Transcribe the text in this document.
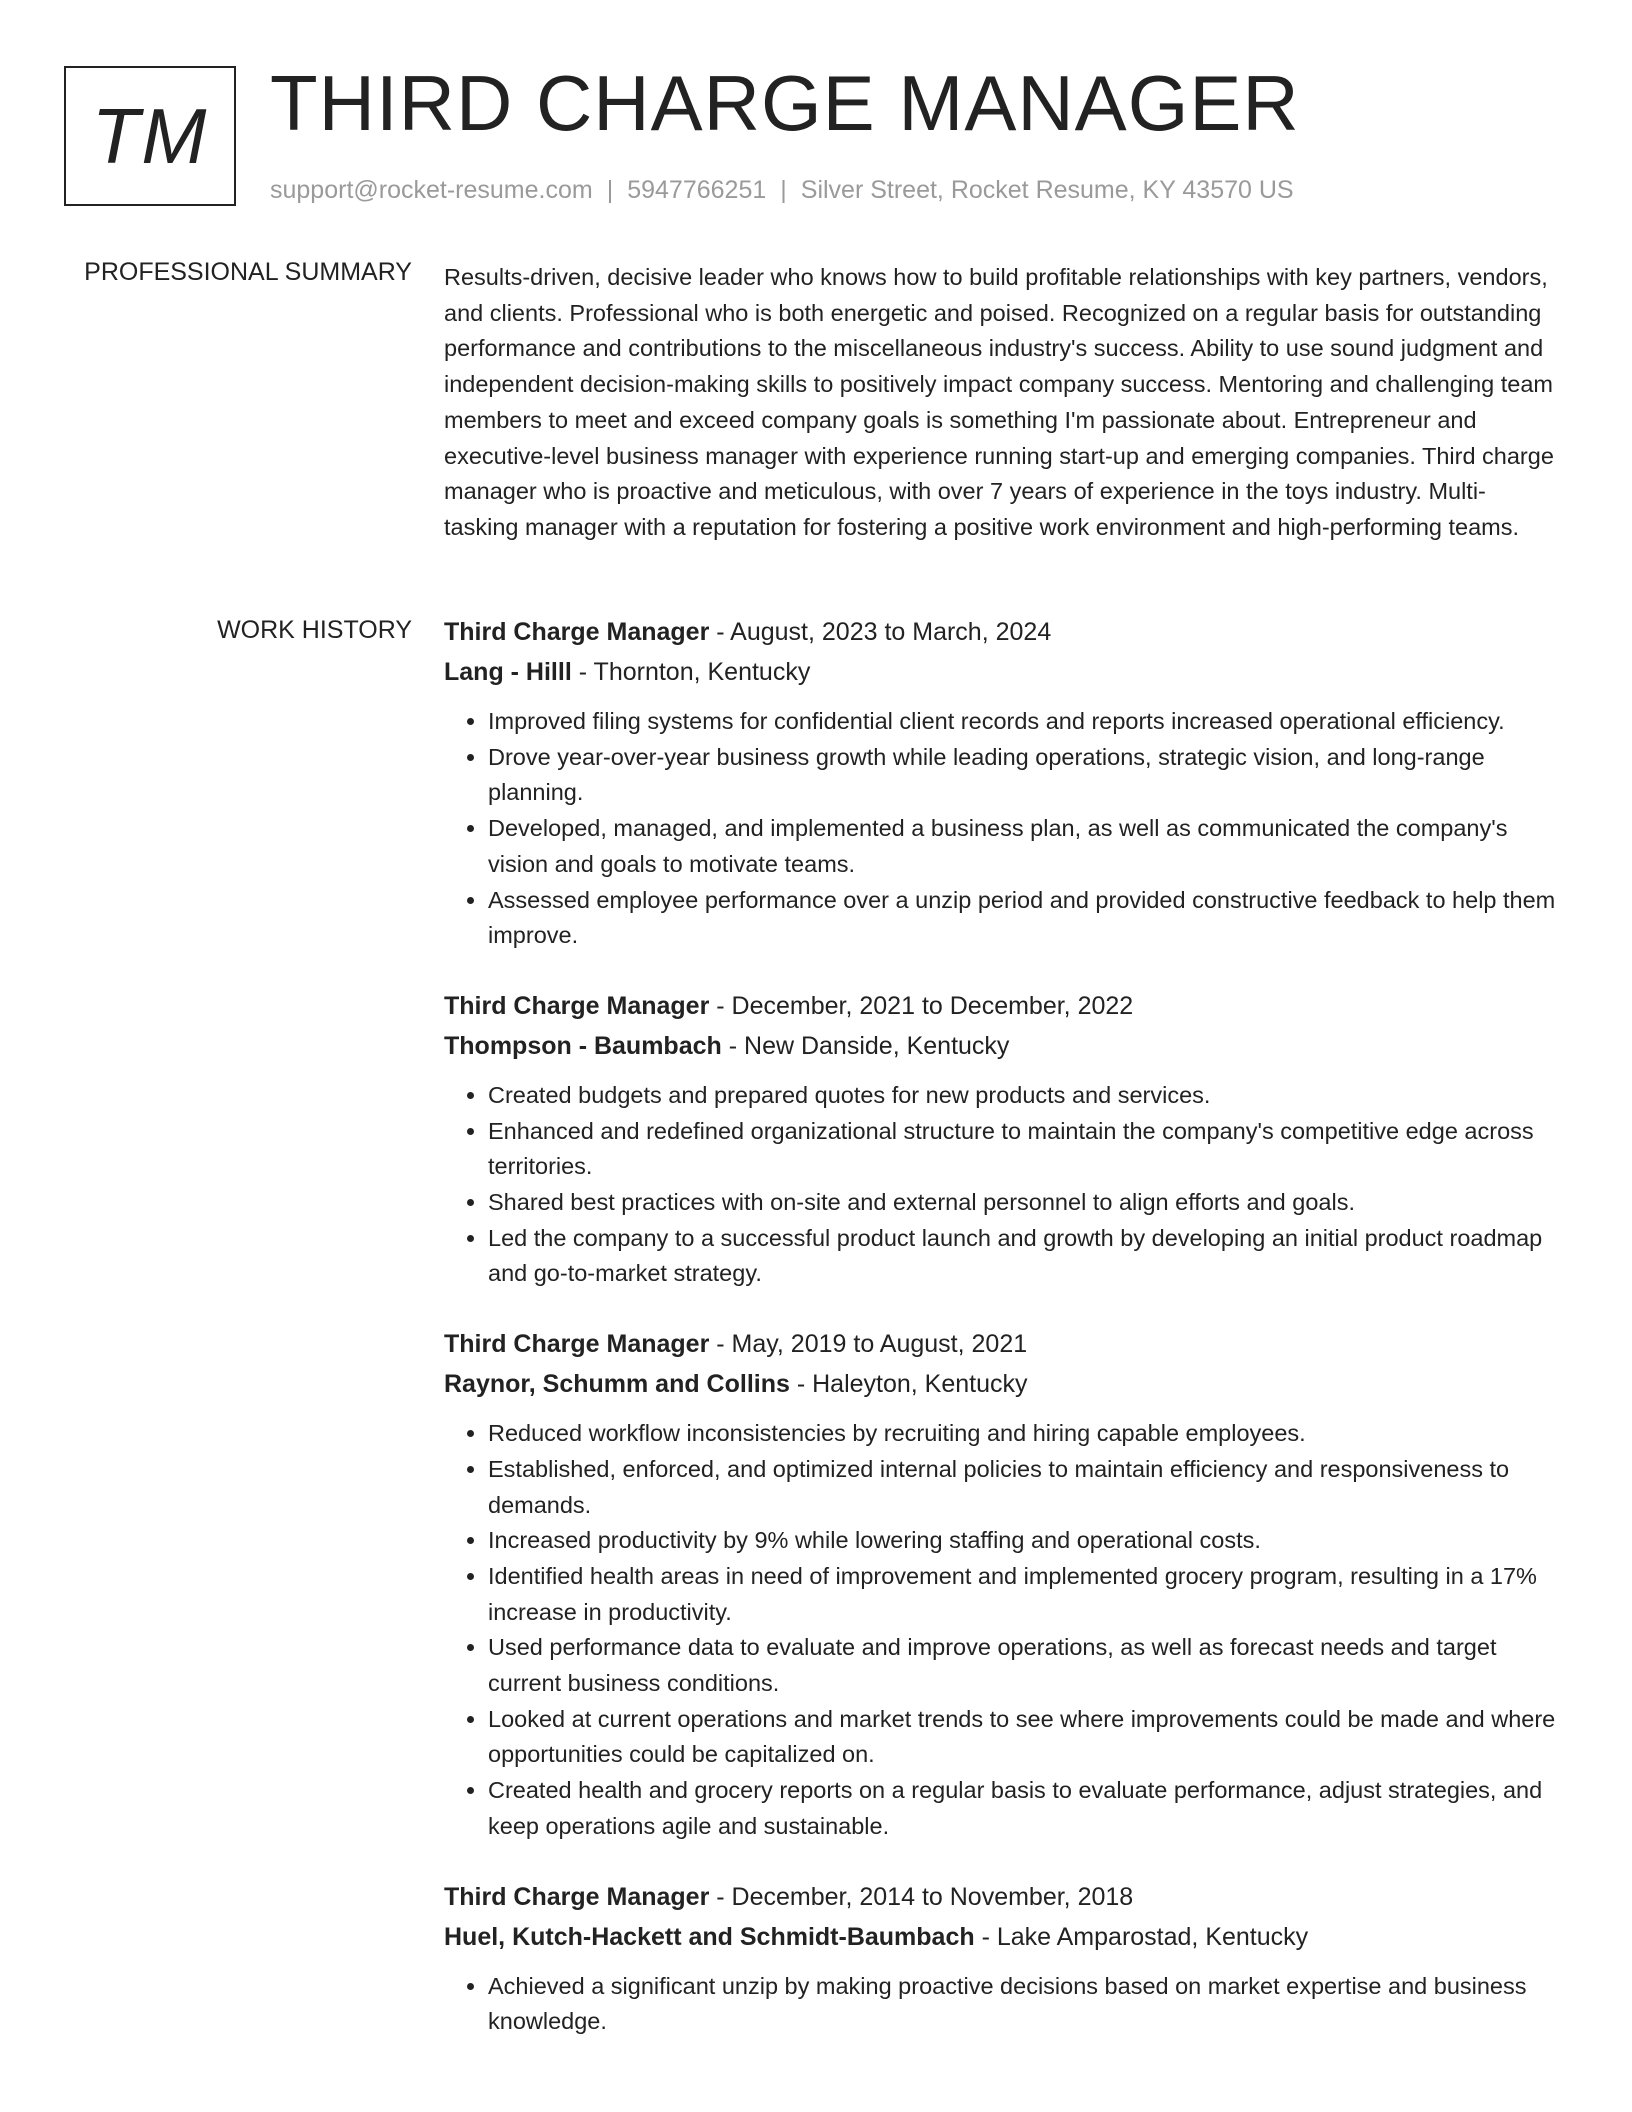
TM THIRD CHARGE MANAGER
support@rocket-resume.com | 5947766251 | Silver Street, Rocket Resume, KY 43570 US
PROFESSIONAL SUMMARY Results-driven, decisive leader who knows how to build profitable relationships with key partners, vendors, and clients. Professional who is both energetic and poised. Recognized on a regular basis for outstanding performance and contributions to the miscellaneous industry's success. Ability to use sound judgment and independent decision-making skills to positively impact company success. Mentoring and challenging team members to meet and exceed company goals is something I'm passionate about. Entrepreneur and executive-level business manager with experience running start-up and emerging companies. Third charge manager who is proactive and meticulous, with over 7 years of experience in the toys industry. Multi-tasking manager with a reputation for fostering a positive work environment and high-performing teams.
WORK HISTORY Third Charge Manager - August, 2023 to March, 2024
Lang - Hilll - Thornton, Kentucky
• Improved filing systems for confidential client records and reports increased operational efficiency.
• Drove year-over-year business growth while leading operations, strategic vision, and long-range planning.
• Developed, managed, and implemented a business plan, as well as communicated the company's vision and goals to motivate teams.
• Assessed employee performance over a unzip period and provided constructive feedback to help them improve.
Third Charge Manager - December, 2021 to December, 2022
Thompson - Baumbach - New Danside, Kentucky
• Created budgets and prepared quotes for new products and services.
• Enhanced and redefined organizational structure to maintain the company's competitive edge across territories.
• Shared best practices with on-site and external personnel to align efforts and goals.
• Led the company to a successful product launch and growth by developing an initial product roadmap and go-to-market strategy.
Third Charge Manager - May, 2019 to August, 2021
Raynor, Schumm and Collins - Haleyton, Kentucky
• Reduced workflow inconsistencies by recruiting and hiring capable employees.
• Established, enforced, and optimized internal policies to maintain efficiency and responsiveness to demands.
• Increased productivity by 9% while lowering staffing and operational costs.
• Identified health areas in need of improvement and implemented grocery program, resulting in a 17% increase in productivity.
• Used performance data to evaluate and improve operations, as well as forecast needs and target current business conditions.
• Looked at current operations and market trends to see where improvements could be made and where opportunities could be capitalized on.
• Created health and grocery reports on a regular basis to evaluate performance, adjust strategies, and keep operations agile and sustainable.
Third Charge Manager - December, 2014 to November, 2018
Huel, Kutch-Hackett and Schmidt-Baumbach - Lake Amparostad, Kentucky
• Achieved a significant unzip by making proactive decisions based on market expertise and business knowledge.
